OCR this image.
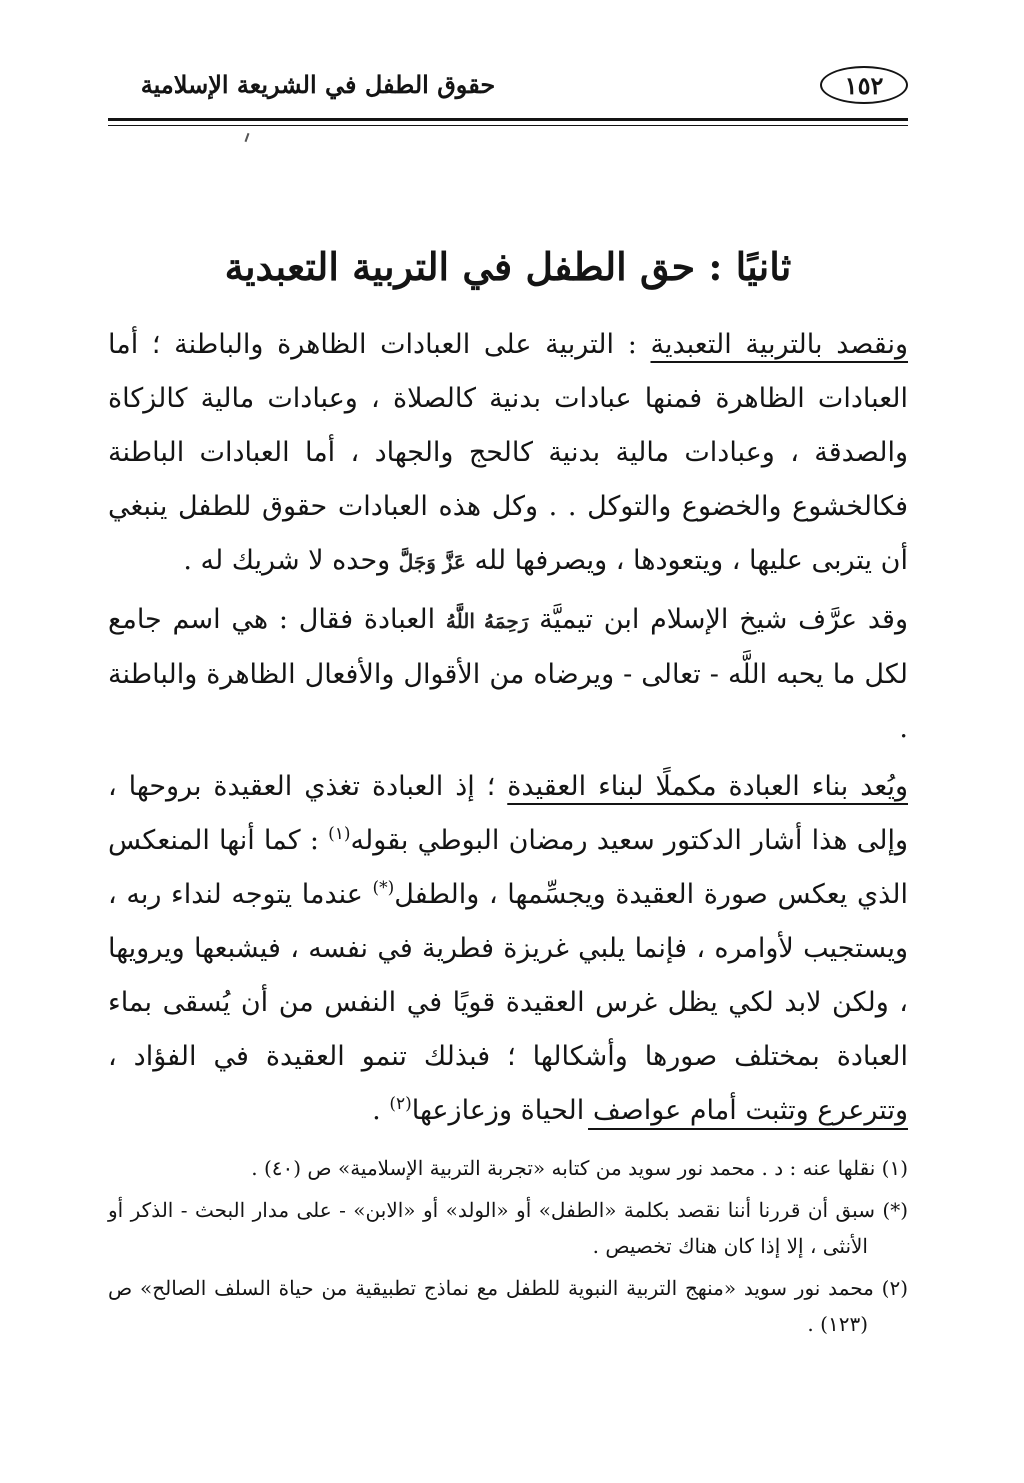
١٥٢
حقوق الطفل في الشريعة الإسلامية
ثانيًا : حق الطفل في التربية التعبدية

ونقصد بالتربية التعبدية : التربية على العبادات الظاهرة والباطنة ؛ أما العبادات الظاهرة فمنها عبادات بدنية كالصلاة ، وعبادات مالية كالزكاة والصدقة ، وعبادات مالية بدنية كالحج والجهاد ، أما العبادات الباطنة فكالخشوع والخضوع والتوكل . . وكل هذه العبادات حقوق للطفل ينبغي أن يتربى عليها ، ويتعودها ، ويصرفها لله عَزَّ وَجَلَّ وحده لا شريك له .

وقد عرَّف شيخ الإسلام ابن تيميَّة رَحِمَهُ اللَّهُ العبادة فقال : هي اسم جامع لكل ما يحبه اللَّه - تعالى - ويرضاه من الأقوال والأفعال الظاهرة والباطنة .

ويُعد بناء العبادة مكملًا لبناء العقيدة ؛ إذ العبادة تغذي العقيدة بروحها ، وإلى هذا أشار الدكتور سعيد رمضان البوطي بقوله$^{(١)}$ : كما أنها المنعكس الذي يعكس صورة العقيدة ويجسِّمها ، والطفل(*) عندما يتوجه لنداء ربه ، ويستجيب لأوامره ، فإنما يلبي غريزة فطرية في نفسه ، فيشبعها ويرويها ، ولكن لابد لكي يظل غرس العقيدة قويًا في النفس من أن يُسقى بماء العبادة بمختلف صورها وأشكالها ؛ فبذلك تنمو العقيدة في الفؤاد ، وتترعرع وتثبت أمام عواصف الحياة وزعازعها$^{(٢)}$ .

(١) نقلها عنه : د . محمد نور سويد من كتابه «تجربة التربية الإسلامية» ص (٤٠) .

(*) سبق أن قررنا أننا نقصد بكلمة «الطفل» أو «الولد» أو «الابن» - على مدار البحث - الذكر أو الأنثى ، إلا إذا كان هناك تخصيص .

(٢) محمد نور سويد «منهج التربية النبوية للطفل مع نماذج تطبيقية من حياة السلف الصالح» ص (١٢٣) .
